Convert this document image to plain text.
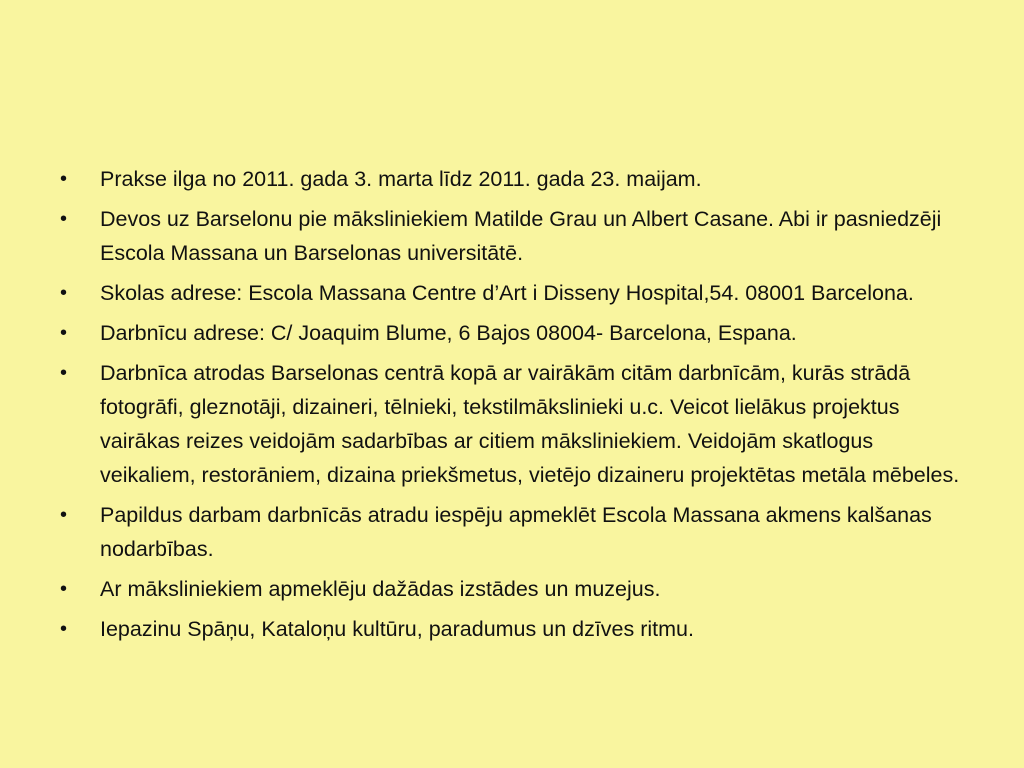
• Prakse ilga no 2011. gada 3. marta līdz 2011. gada 23. maijam.
• Devos uz Barselonu pie māksliniekiem Matilde Grau un Albert Casane. Abi ir pasniedzēji Escola Massana un Barselonas universitātē.
• Skolas adrese: Escola Massana Centre d’Art i Disseny Hospital,54. 08001 Barcelona.
• Darbnīcu adrese: C/ Joaquim Blume, 6 Bajos 08004- Barcelona, Espana.
• Darbnīca atrodas Barselonas centrā kopā ar vairākām citām darbnīcām, kurās strādā fotogrāfi, gleznotāji, dizaineri, tēlnieki, tekstilmākslinieki u.c. Veicot lielākus projektus vairākas reizes veidojām sadarbības ar citiem māksliniekiem. Veidojām skatlogus veikaliem, restorāniem, dizaina priekšmetus, vietējo dizaineru projektētas metāla mēbeles.
• Papildus darbam darbnīcās atradu iespēju apmeklēt Escola Massana akmens kalšanas nodarbības.
• Ar māksliniekiem apmeklēju dažādas izstādes un muzejus.
• Iepazinu Spāņu, Kataloņu kultūru, paradumus un dzīves ritmu.
